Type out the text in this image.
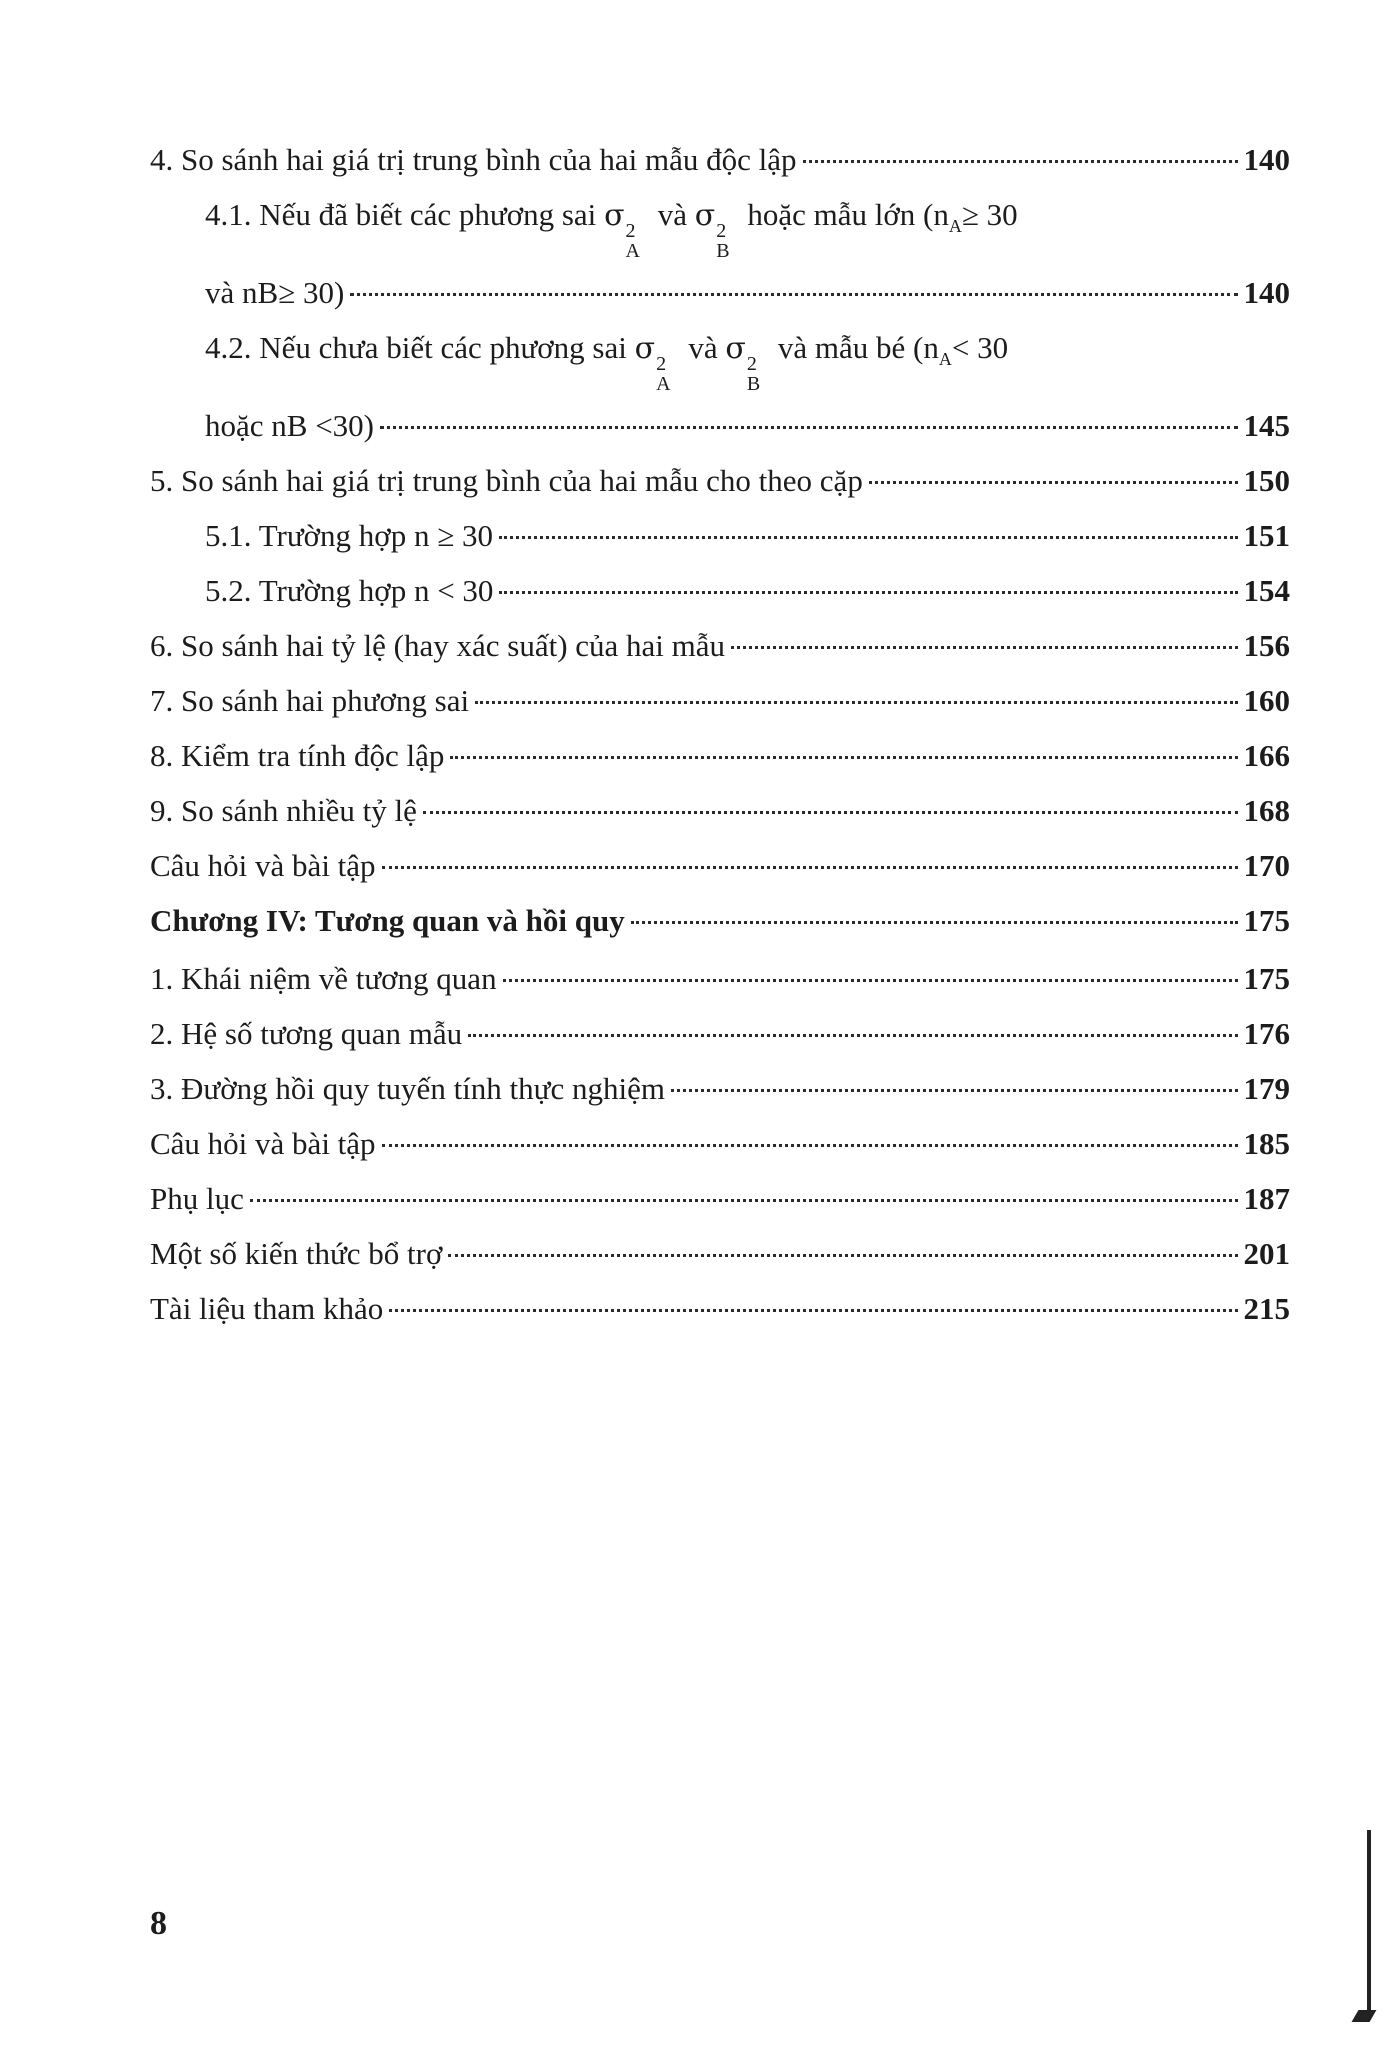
4. So sánh hai giá trị trung bình của hai mẫu độc lập	140
4.1. Nếu đã biết các phương sai σ 2
A
và σ 2
B
hoặc mẫu lớn ($n_A\ge 30$
và nB≥ 30)	140
4.2. Nếu chưa biết các phương sai σ 2
A
và σ 2
B
và mẫu bé ($n_A< 30$
hoặc nB <30)	145
5. So sánh hai giá trị trung bình của hai mẫu cho theo cặp	150
5.1. Trường hợp n ≥ 30	151
5.2. Trường hợp n < 30	154
6. So sánh hai tỷ lệ (hay xác suất) của hai mẫu	156
7. So sánh hai phương sai	160
8. Kiểm tra tính độc lập	166
9. So sánh nhiều tỷ lệ	168
Câu hỏi và bài tập	170
Chương IV: Tương quan và hồi quy	175
1. Khái niệm về tương quan	175
2. Hệ số tương quan mẫu	176
3. Đường hồi quy tuyến tính thực nghiệm	179
Câu hỏi và bài tập	185
Phụ lục	187
Một số kiến thức bổ trợ	201
Tài liệu tham khảo	215
8
